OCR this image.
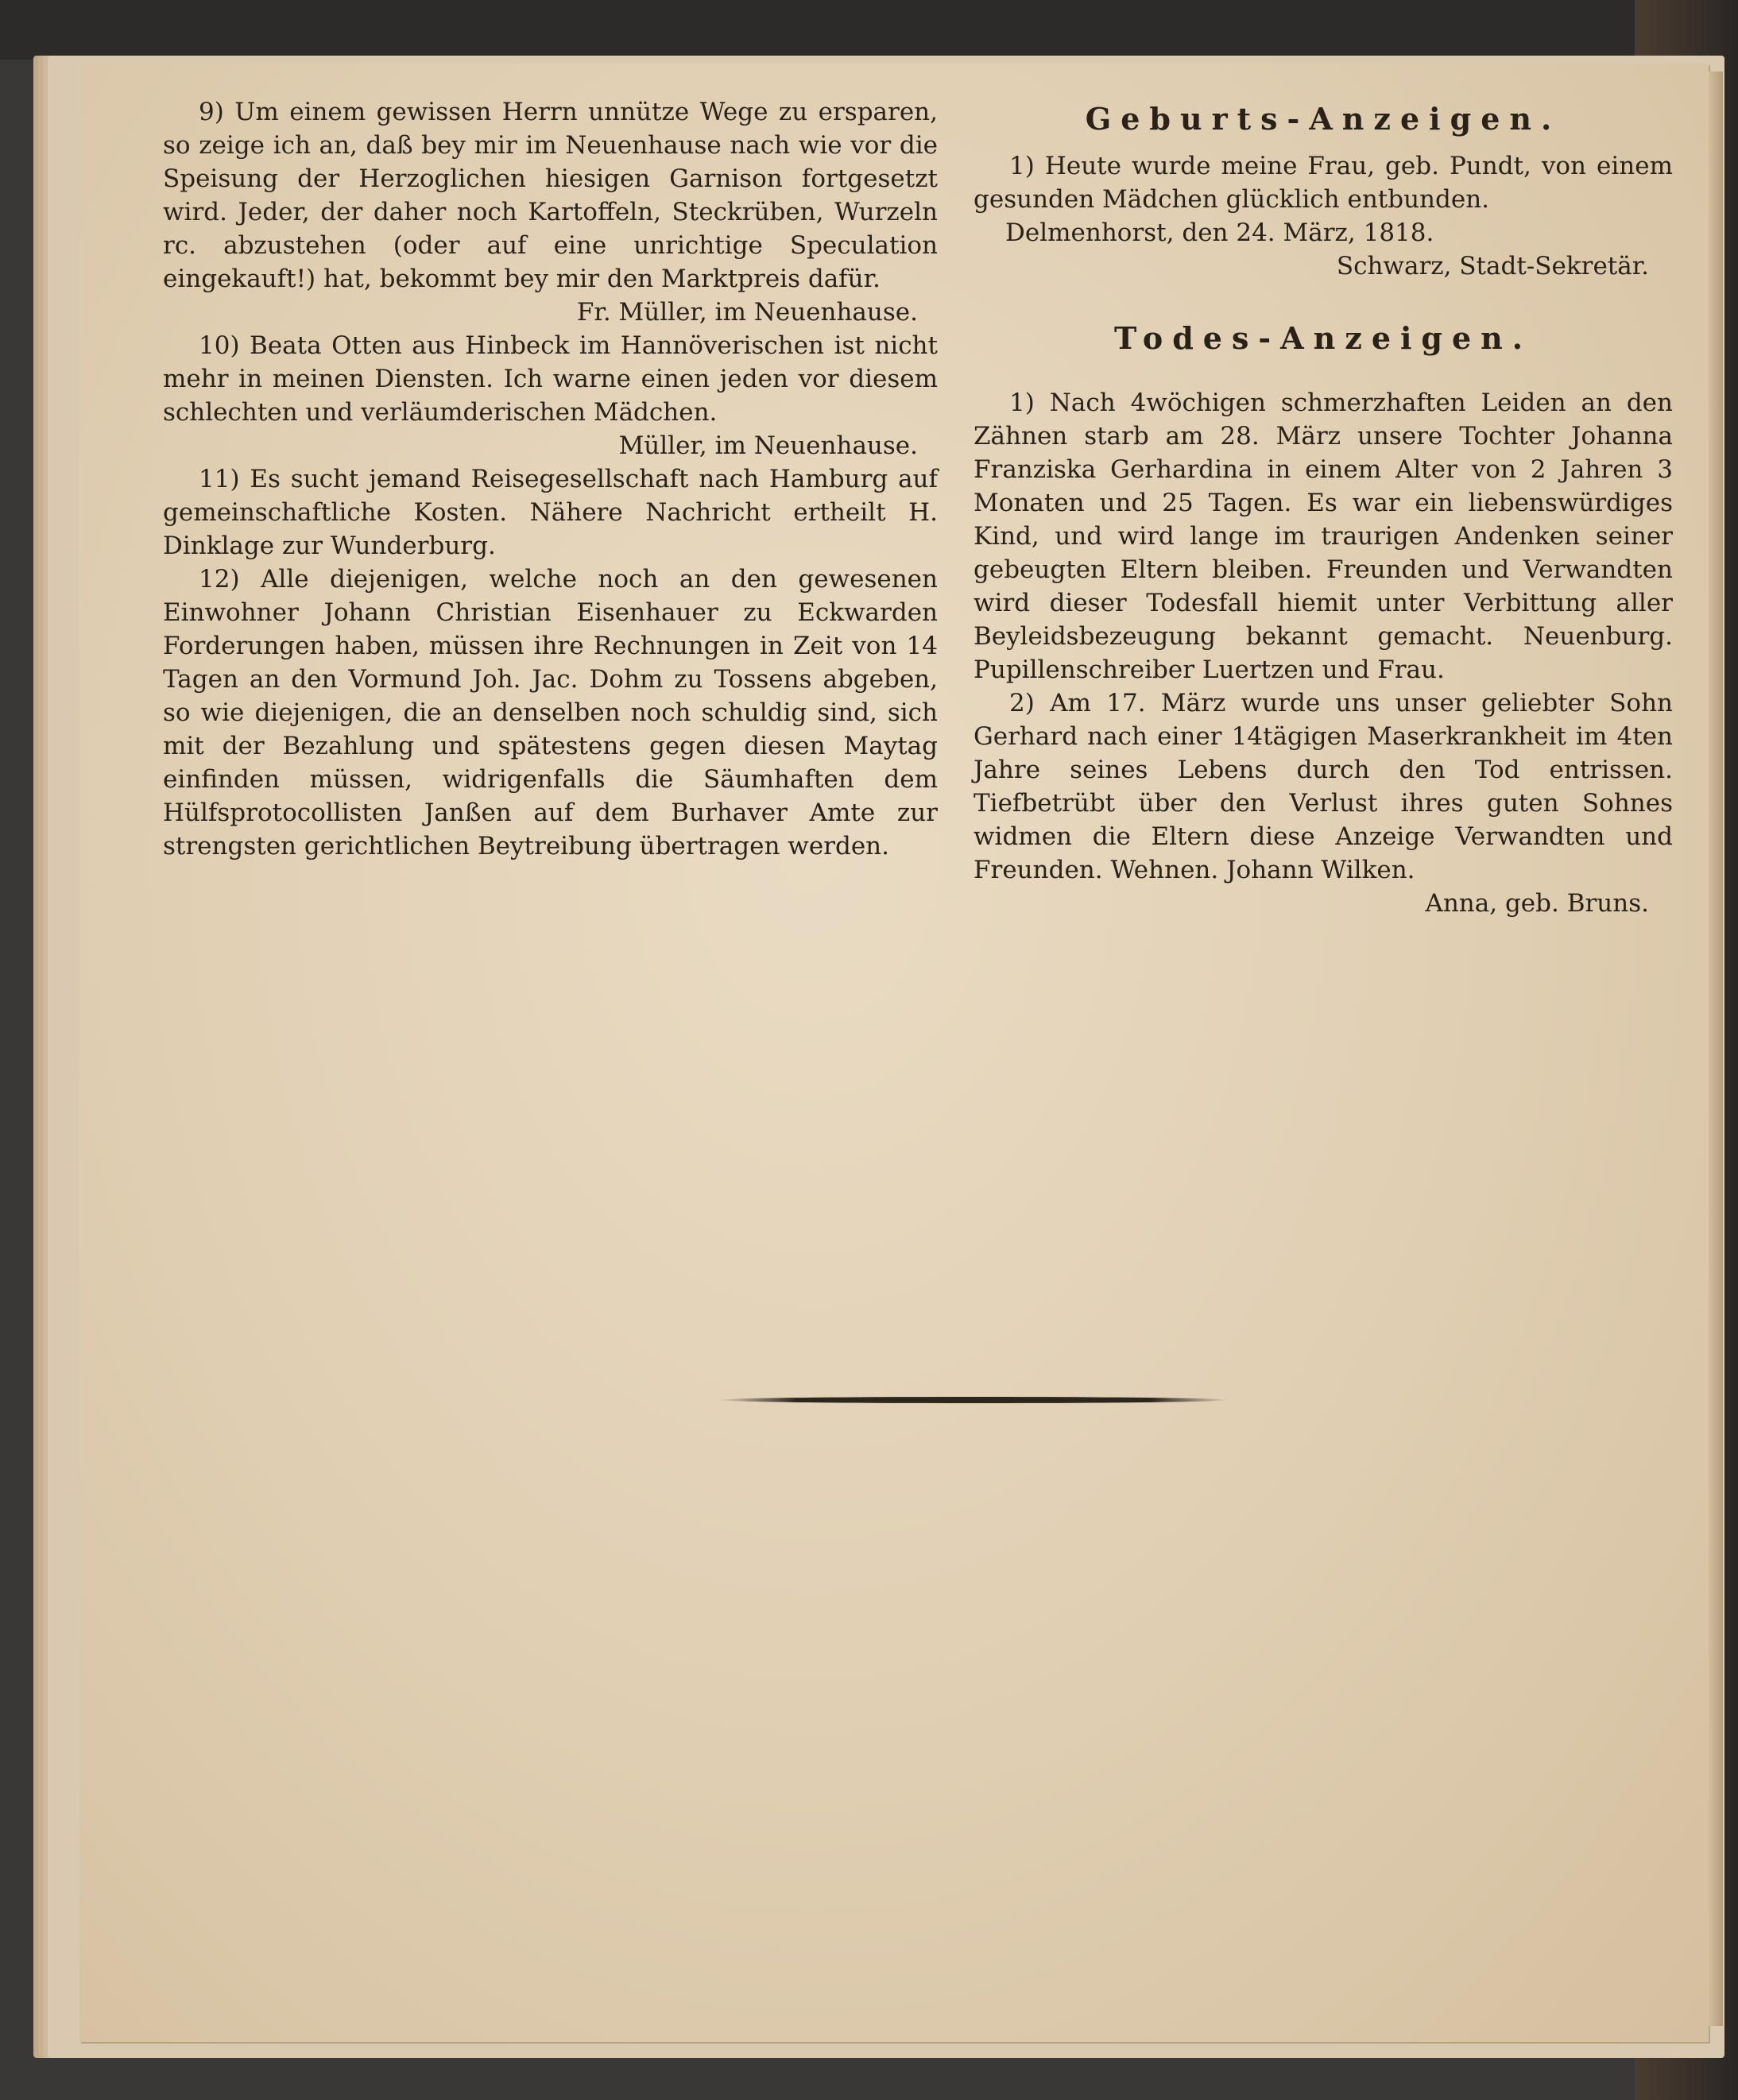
9) Um einem gewissen Herrn unnütze Wege zu ersparen, so zeige ich an, daß bey mir im Neuenhause nach wie vor die Speisung der Herzoglichen hiesigen Garnison fortgesetzt wird. Jeder, der daher noch Kartoffeln, Steckrüben, Wurzeln rc. abzustehen (oder auf eine unrichtige Speculation eingekauft!) hat, bekommt bey mir den Marktpreis dafür.

Fr. Müller, im Neuenhause.

10) Beata Otten aus Hinbeck im Hannöverischen ist nicht mehr in meinen Diensten. Ich warne einen jeden vor diesem schlechten und verläumderischen Mädchen.

Müller, im Neuenhause.

11) Es sucht jemand Reisegesellschaft nach Hamburg auf gemeinschaftliche Kosten. Nähere Nachricht ertheilt H. Dinklage zur Wunderburg.

12) Alle diejenigen, welche noch an den gewesenen Einwohner Johann Christian Eisenhauer zu Eckwarden Forderungen haben, müssen ihre Rechnungen in Zeit von 14 Tagen an den Vormund Joh. Jac. Dohm zu Tossens abgeben, so wie diejenigen, die an denselben noch schuldig sind, sich mit der Bezahlung und spätestens gegen diesen Maytag einfinden müssen, widrigenfalls die Säumhaften dem Hülfsprotocollisten Janßen auf dem Burhaver Amte zur strengsten gerichtlichen Beytreibung übertragen werden.

Geburts-Anzeigen.

1) Heute wurde meine Frau, geb. Pundt, von einem gesunden Mädchen glücklich entbunden.

Delmenhorst, den 24. März, 1818.

Schwarz, Stadt-Sekretär.

Todes-Anzeigen.

1) Nach 4wöchigen schmerzhaften Leiden an den Zähnen starb am 28. März unsere Tochter Johanna Franziska Gerhardina in einem Alter von 2 Jahren 3 Monaten und 25 Tagen. Es war ein liebenswürdiges Kind, und wird lange im traurigen Andenken seiner gebeugten Eltern bleiben. Freunden und Verwandten wird dieser Todesfall hiemit unter Verbittung aller Beyleidsbezeugung bekannt gemacht. Neuenburg. Pupillenschreiber Luertzen und Frau.

2) Am 17. März wurde uns unser geliebter Sohn Gerhard nach einer 14tägigen Maserkrankheit im 4ten Jahre seines Lebens durch den Tod entrissen. Tiefbetrübt über den Verlust ihres guten Sohnes widmen die Eltern diese Anzeige Verwandten und Freunden. Wehnen. Johann Wilken.

Anna, geb. Bruns.
